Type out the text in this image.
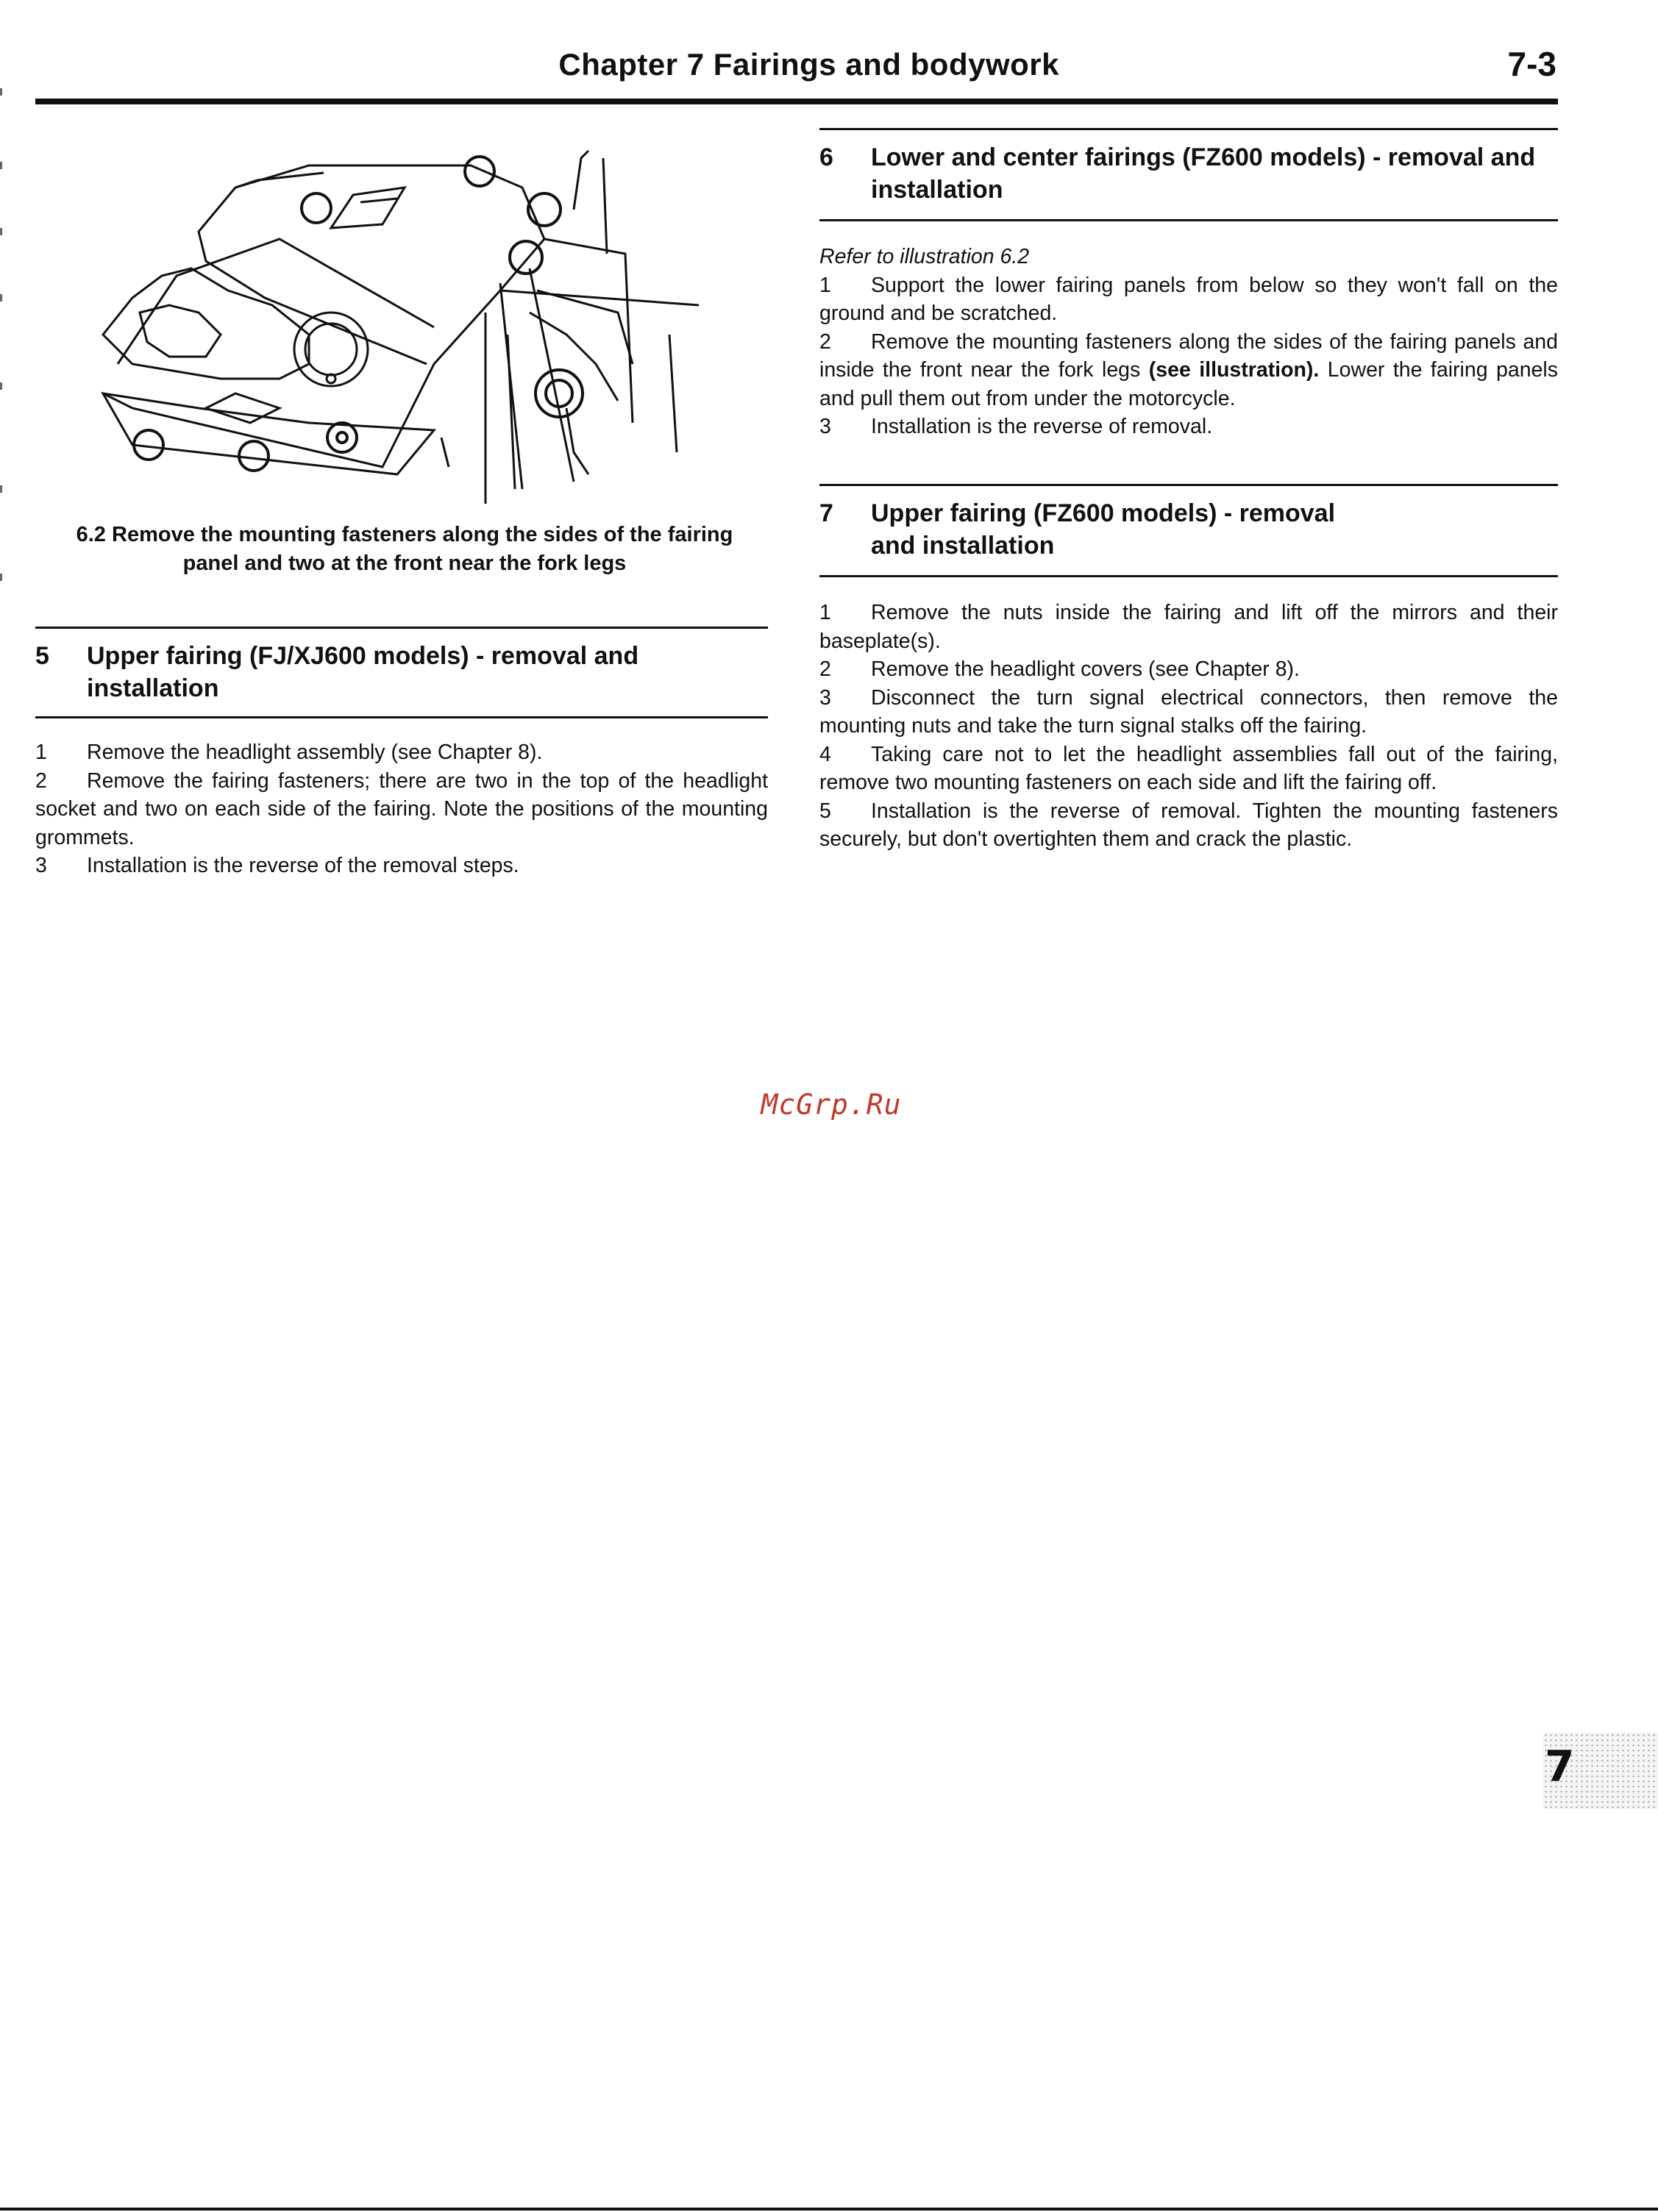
Chapter 7 Fairings and bodywork	7-3
6.2 Remove the mounting fasteners along the sides of the fairing panel and two at the front near the fork legs
5	Upper fairing (FJ/XJ600 models) - removal and installation

1 Remove the headlight assembly (see Chapter 8).

2 Remove the fairing fasteners; there are two in the top of the headlight socket and two on each side of the fairing. Note the positions of the mounting grommets.

3 Installation is the reverse of the removal steps.

6	Lower and center fairings (FZ600 models) - removal and installation

Refer to illustration 6.2

1 Support the lower fairing panels from below so they won't fall on the ground and be scratched.

2 Remove the mounting fasteners along the sides of the fairing panels and inside the front near the fork legs (see illustration). Lower the fairing panels and pull them out from under the motorcycle.

3 Installation is the reverse of removal.

7	Upper fairing (FZ600 models) - removal and installation

1 Remove the nuts inside the fairing and lift off the mirrors and their baseplate(s).

2 Remove the headlight covers (see Chapter 8).

3 Disconnect the turn signal electrical connectors, then remove the mounting nuts and take the turn signal stalks off the fairing.

4 Taking care not to let the headlight assemblies fall out of the fairing, remove two mounting fasteners on each side and lift the fairing off.

5 Installation is the reverse of removal. Tighten the mounting fasteners securely, but don't overtighten them and crack the plastic.

McGrp.Ru
7
